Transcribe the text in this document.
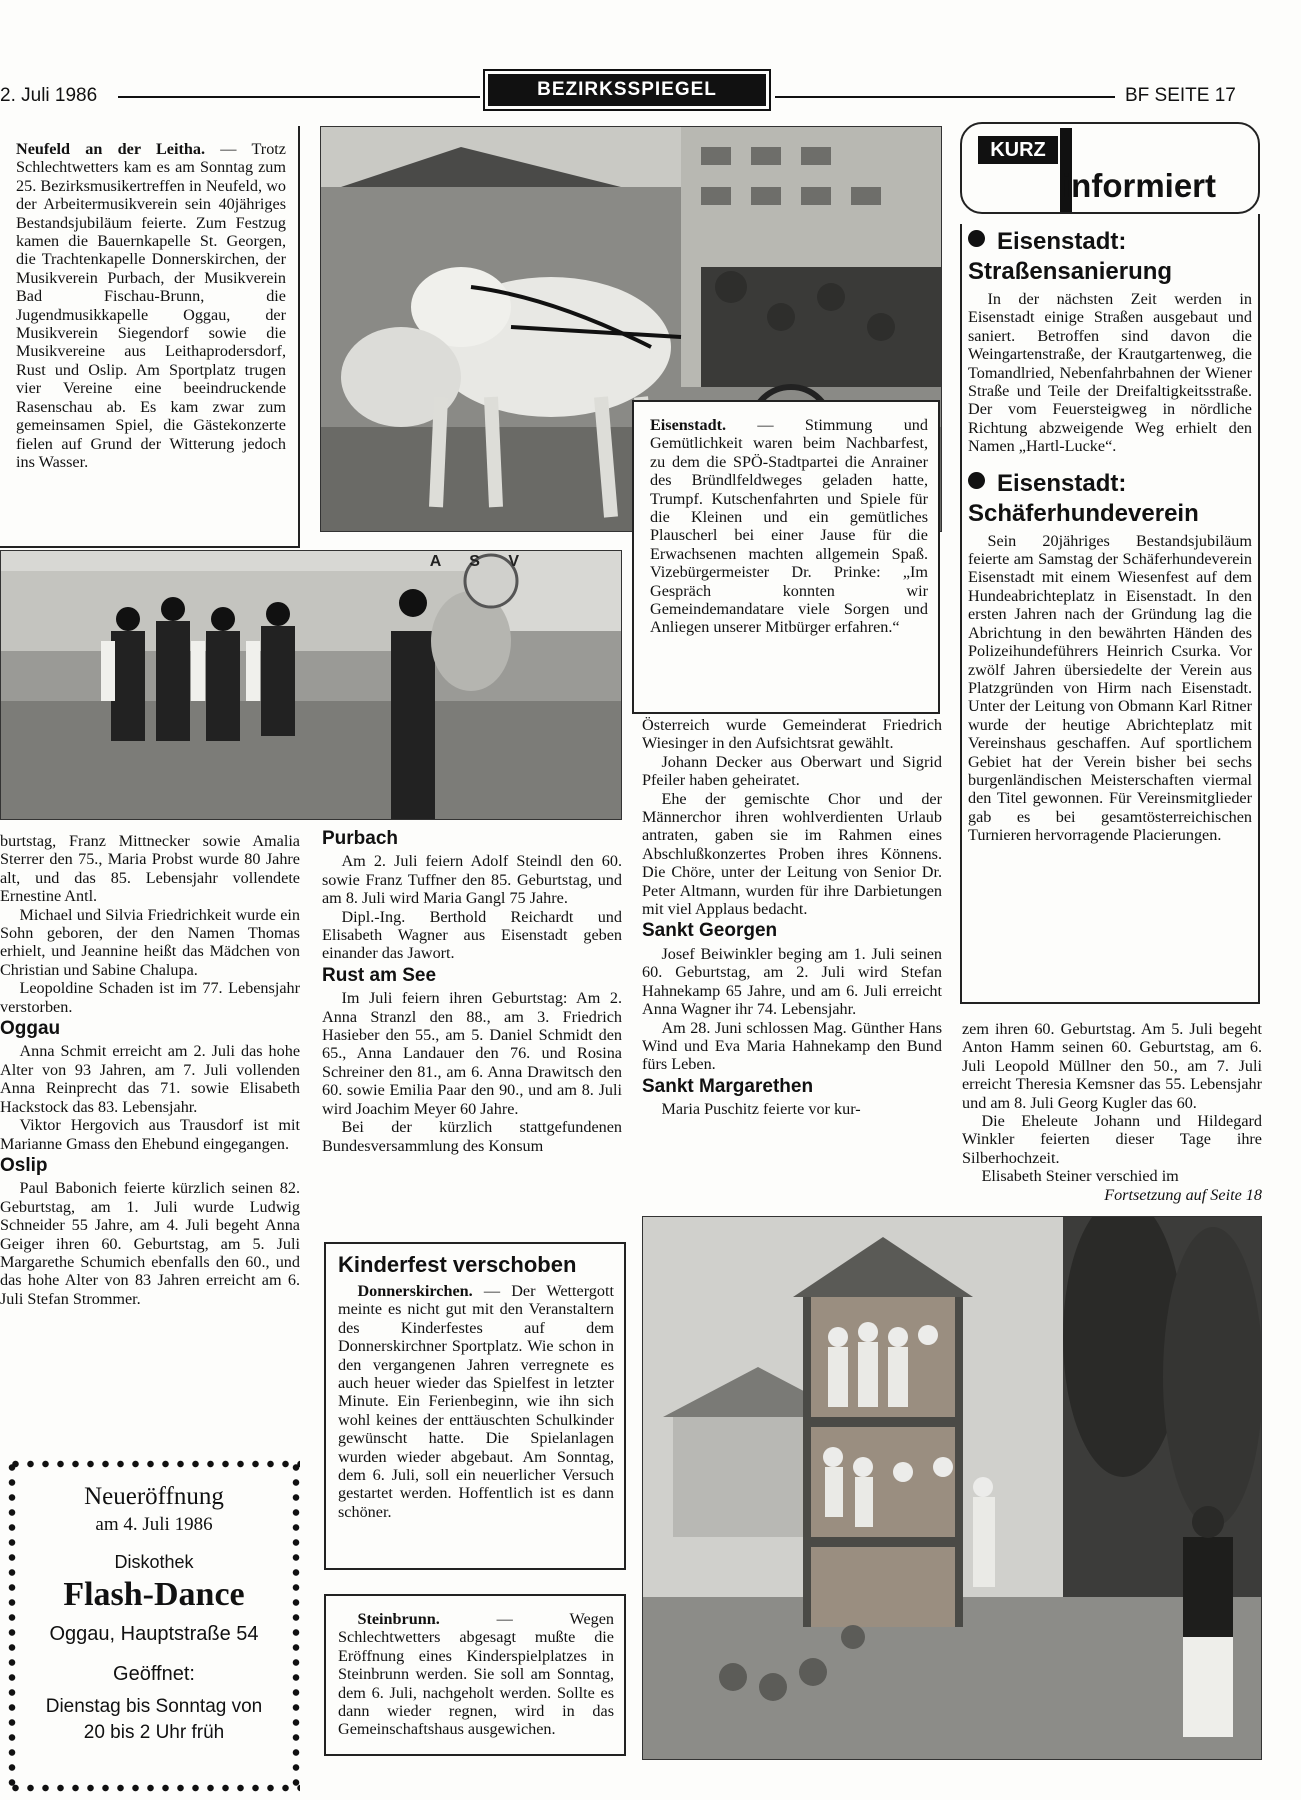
2. Juli 1986	BEZIRKSSPIEGEL	BF SEITE 17
Neufeld an der Leitha. — Trotz Schlechtwetters kam es am Sonntag zum 25. Bezirksmusikertreffen in Neufeld, wo der Arbeitermusikverein sein 40jähriges Bestandsjubiläum feierte. Zum Festzug kamen die Bauernkapelle St. Georgen, die Trachtenkapelle Donnerskirchen, der Musikverein Purbach, der Musikverein Bad Fischau-Brunn, die Jugendmusikkapelle Oggau, der Musikverein Siegendorf sowie die Musikvereine aus Leithaprodersdorf, Rust und Oslip. Am Sportplatz trugen vier Vereine eine beeindruckende Rasenschau ab. Es kam zwar zum gemeinsamen Spiel, die Gästekonzerte fielen auf Grund der Witterung jedoch ins Wasser.
A S V
Eisenstadt. — Stimmung und Gemütlichkeit waren beim Nachbarfest, zu dem die SPÖ-Stadtpartei die Anrainer des Bründlfeldweges geladen hatte, Trumpf. Kutschenfahrten und Spiele für die Kleinen und ein gemütliches Plauscherl bei einer Jause für die Erwachsenen machten allgemein Spaß. Vizebürgermeister Dr. Prinke: „Im Gespräch konnten wir Gemeindemandatare viele Sorgen und Anliegen unserer Mitbürger erfahren.“
KURZ
informiert
Eisenstadt:
Straßensanierung

In der nächsten Zeit werden in Eisenstadt einige Straßen ausgebaut und saniert. Betroffen sind davon die Weingartenstraße, der Krautgartenweg, die Tomandlried, Nebenfahrbahnen der Wiener Straße und Teile der Dreifaltigkeitsstraße. Der vom Feuersteigweg in nördliche Richtung abzweigende Weg erhielt den Namen „Hartl-Lucke“.

Eisenstadt:
Schäferhundeverein

Sein 20jähriges Bestandsjubiläum feierte am Samstag der Schäferhundeverein Eisenstadt mit einem Wiesenfest auf dem Hundeabrichteplatz in Eisenstadt. In den ersten Jahren nach der Gründung lag die Abrichtung in den bewährten Händen des Polizeihundeführers Heinrich Csurka. Vor zwölf Jahren übersiedelte der Verein aus Platzgründen von Hirm nach Eisenstadt. Unter der Leitung von Obmann Karl Ritner wurde der heutige Abrichteplatz mit Vereinshaus geschaffen. Auf sportlichem Gebiet hat der Verein bisher bei sechs burgenländischen Meisterschaften viermal den Titel gewonnen. Für Vereinsmitglieder gab es bei gesamtösterreichischen Turnieren hervorragende Placierungen.

burtstag, Franz Mittnecker sowie Amalia Sterrer den 75., Maria Probst wurde 80 Jahre alt, und das 85. Lebensjahr vollendete Ernestine Antl.

Michael und Silvia Friedrichkeit wurde ein Sohn geboren, der den Namen Thomas erhielt, und Jeannine heißt das Mädchen von Christian und Sabine Chalupa.

Leopoldine Schaden ist im 77. Lebensjahr verstorben.

Oggau

Anna Schmit erreicht am 2. Juli das hohe Alter von 93 Jahren, am 7. Juli vollenden Anna Reinprecht das 71. sowie Elisabeth Hackstock das 83. Lebensjahr.

Viktor Hergovich aus Trausdorf ist mit Marianne Gmass den Ehebund eingegangen.

Oslip

Paul Babonich feierte kürzlich seinen 82. Geburtstag, am 1. Juli wurde Ludwig Schneider 55 Jahre, am 4. Juli begeht Anna Geiger ihren 60. Geburtstag, am 5. Juli Margarethe Schumich ebenfalls den 60., und das hohe Alter von 83 Jahren erreicht am 6. Juli Stefan Strommer.

Purbach

Am 2. Juli feiern Adolf Steindl den 60. sowie Franz Tuffner den 85. Geburtstag, und am 8. Juli wird Maria Gangl 75 Jahre.

Dipl.-Ing. Berthold Reichardt und Elisabeth Wagner aus Eisenstadt geben einander das Jawort.

Rust am See

Im Juli feiern ihren Geburtstag: Am 2. Anna Stranzl den 88., am 3. Friedrich Hasieber den 55., am 5. Daniel Schmidt den 65., Anna Landauer den 76. und Rosina Schreiner den 81., am 6. Anna Drawitsch den 60. sowie Emilia Paar den 90., und am 8. Juli wird Joachim Meyer 60 Jahre.

Bei der kürzlich stattgefundenen Bundesversammlung des Konsum

Österreich wurde Gemeinderat Friedrich Wiesinger in den Aufsichtsrat gewählt.

Johann Decker aus Oberwart und Sigrid Pfeiler haben geheiratet.

Ehe der gemischte Chor und der Männerchor ihren wohlverdienten Urlaub antraten, gaben sie im Rahmen eines Abschlußkonzertes Proben ihres Könnens. Die Chöre, unter der Leitung von Senior Dr. Peter Altmann, wurden für ihre Darbietungen mit viel Applaus bedacht.

Sankt Georgen

Josef Beiwinkler beging am 1. Juli seinen 60. Geburtstag, am 2. Juli wird Stefan Hahnekamp 65 Jahre, und am 6. Juli erreicht Anna Wagner ihr 74. Lebensjahr.

Am 28. Juni schlossen Mag. Günther Hans Wind und Eva Maria Hahnekamp den Bund fürs Leben.

Sankt Margarethen

Maria Puschitz feierte vor kur-

zem ihren 60. Geburtstag. Am 5. Juli begeht Anton Hamm seinen 60. Geburtstag, am 6. Juli Leopold Müllner den 50., am 7. Juli erreicht Theresia Kemsner das 55. Lebensjahr und am 8. Juli Georg Kugler das 60.

Die Eheleute Johann und Hildegard Winkler feierten dieser Tage ihre Silberhochzeit.

Elisabeth Steiner verschied im

Fortsetzung auf Seite 18
Kinderfest verschoben

Donnerskirchen. — Der Wettergott meinte es nicht gut mit den Veranstaltern des Kinderfestes auf dem Donnerskirchner Sportplatz. Wie schon in den vergangenen Jahren verregnete es auch heuer wieder das Spielfest in letzter Minute. Ein Ferienbeginn, wie ihn sich wohl keines der enttäuschten Schulkinder gewünscht hatte. Die Spielanlagen wurden wieder abgebaut. Am Sonntag, dem 6. Juli, soll ein neuerlicher Versuch gestartet werden. Hoffentlich ist es dann schöner.

Steinbrunn. — Wegen Schlechtwetters abgesagt mußte die Eröffnung eines Kinderspielplatzes in Steinbrunn werden. Sie soll am Sonntag, dem 6. Juli, nachgeholt werden. Sollte es dann wieder regnen, wird in das Gemeinschaftshaus ausgewichen.

Neueröffnung
am 4. Juli 1986
Diskothek
Flash-Dance
Oggau, Hauptstraße 54
Geöffnet:
Dienstag bis Sonntag von
20 bis 2 Uhr früh
